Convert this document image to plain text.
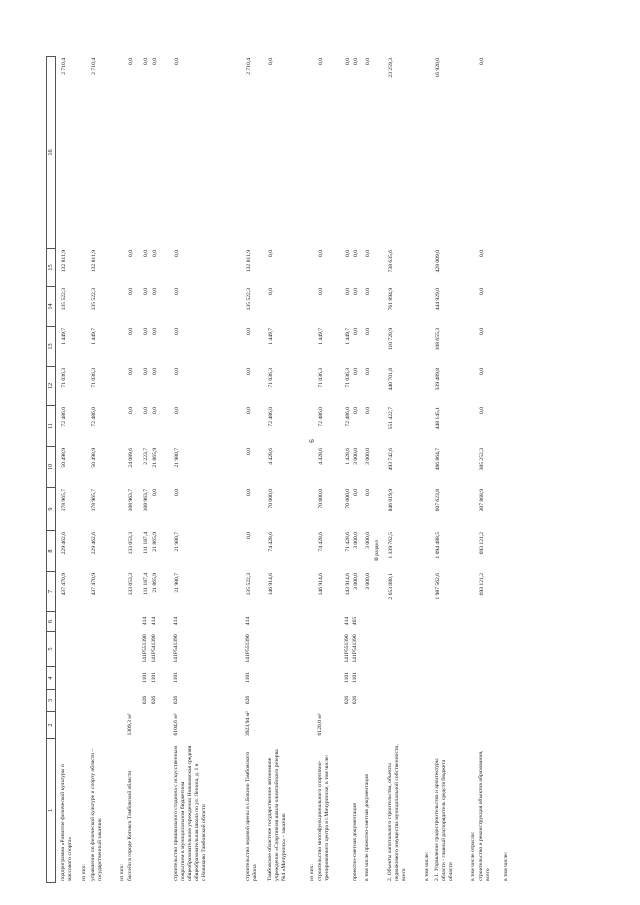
6
1
2
3
4
5
6
7
8
9
10
11
12
13
14
15
16
подпрограмма «Развитие физической культуры и массового спорта»
437 470,9
229 462,6
178 965,7
50 498,9
72 486,0
71 036,3
1 449,7
135 522,3
132 811,9
2 710,4
из них: управление по физической культуре и спорту области – государственный заказчик
437 470,9
229 462,6
178 965,7
50 498,9
72 486,0
71 036,3
1 449,7
135 522,3
132 811,9
2 710,4
из них: бассейн в городе Котовск Тамбовской области
1309,3 м²
133 053,3
133 053,3
108 963,7
24 089,6
0,0
0,0
0,0
0,0
0,0
0,0
026
1101
141P551390
414
111 187,4
111 187,4
108 963,7
2 223,7
0,0
0,0
0,0
0,0
0,0
0,0
026
1101
141P541390
414
21 865,9
21 865,9
0,0
21 865,9
0,0
0,0
0,0
0,0
0,0
0,0
строительство пришкольного стадиона с искусственным покрытием в муниципальном бюджетном общеобразовательном учреждении Новиковская средняя общеобразовательная школа по ул. Ленина, д. 1 в с.Новиково Тамбовской области
6104,6 м²
026
1101
141P541390
414
21 980,7
21 980,7
0,0
21 980,7
0,0
0,0
0,0
0,0
0,0
0,0
строительство ледовой арены в с.Бокино Тамбовского района
3923,94 м²
026
1101
141P551390
414
135 522,3
0,0
0,0
0,0
0,0
0,0
0,0
135 522,3
132 811,9
2 710,4
Тамбовское областное государственное автономное учреждение «Спортивная школа олимпийского резерва №4 «Мичуринск» - заказчик
146 914,6
74 428,6
70 000,0
4 428,6
72 486,0
71 036,3
1 449,7
0,0
0,0
0,0
из них: строительство многофункционального спортивно-тренировочного центра в г.Мичуринске, в том числе:
6120,0 м²
146 914,6
74 428,6
70 000,0
4 428,6
72 486,0
71 036,3
1 449,7
0,0
0,0
0,0
026
1101
141P551390
414
143 914,6
71 428,6
70 000,0
1 428,6
72 486,0
71 036,3
1 449,7
0,0
0,0
0,0
проектно-сметная документация
026
1101
141P541390
465
3 000,0
3 000,0
0,0
3 000,0
0,0
0,0
0,0
0,0
0,0
0,0
в том числе проектно-сметная документация
3 000,0
3 000,0
0,0
3 000,0
0,0
0,0
0,0
0,0
0,0
0,0
2. Объекты капитального строительства, объекты недвижимого имущества муниципальной собственности, всего
2 653 080,1
1 339 762,5
846 019,9
493 742,6
551 422,7
440 701,8
110 720,9
761 894,9
738 635,6
23 259,3
в том числе: 2.1. Управление градостроительства и архитектуры области - главный распорядитель средств бюджета области
1 987 562,6
1 094 488,5
607 623,8
486 864,7
448 145,1
339 489,8
108 655,3
444 929,0
428 009,0
16 920,0
в том числе отрасли: строительство и реконструкция объектов образования, всего
693 121,2
693 121,2
307 868,9
385 252,3
0,0
0,0
0,0
0,0
0,0
0,0
в том числе:
II раздел
